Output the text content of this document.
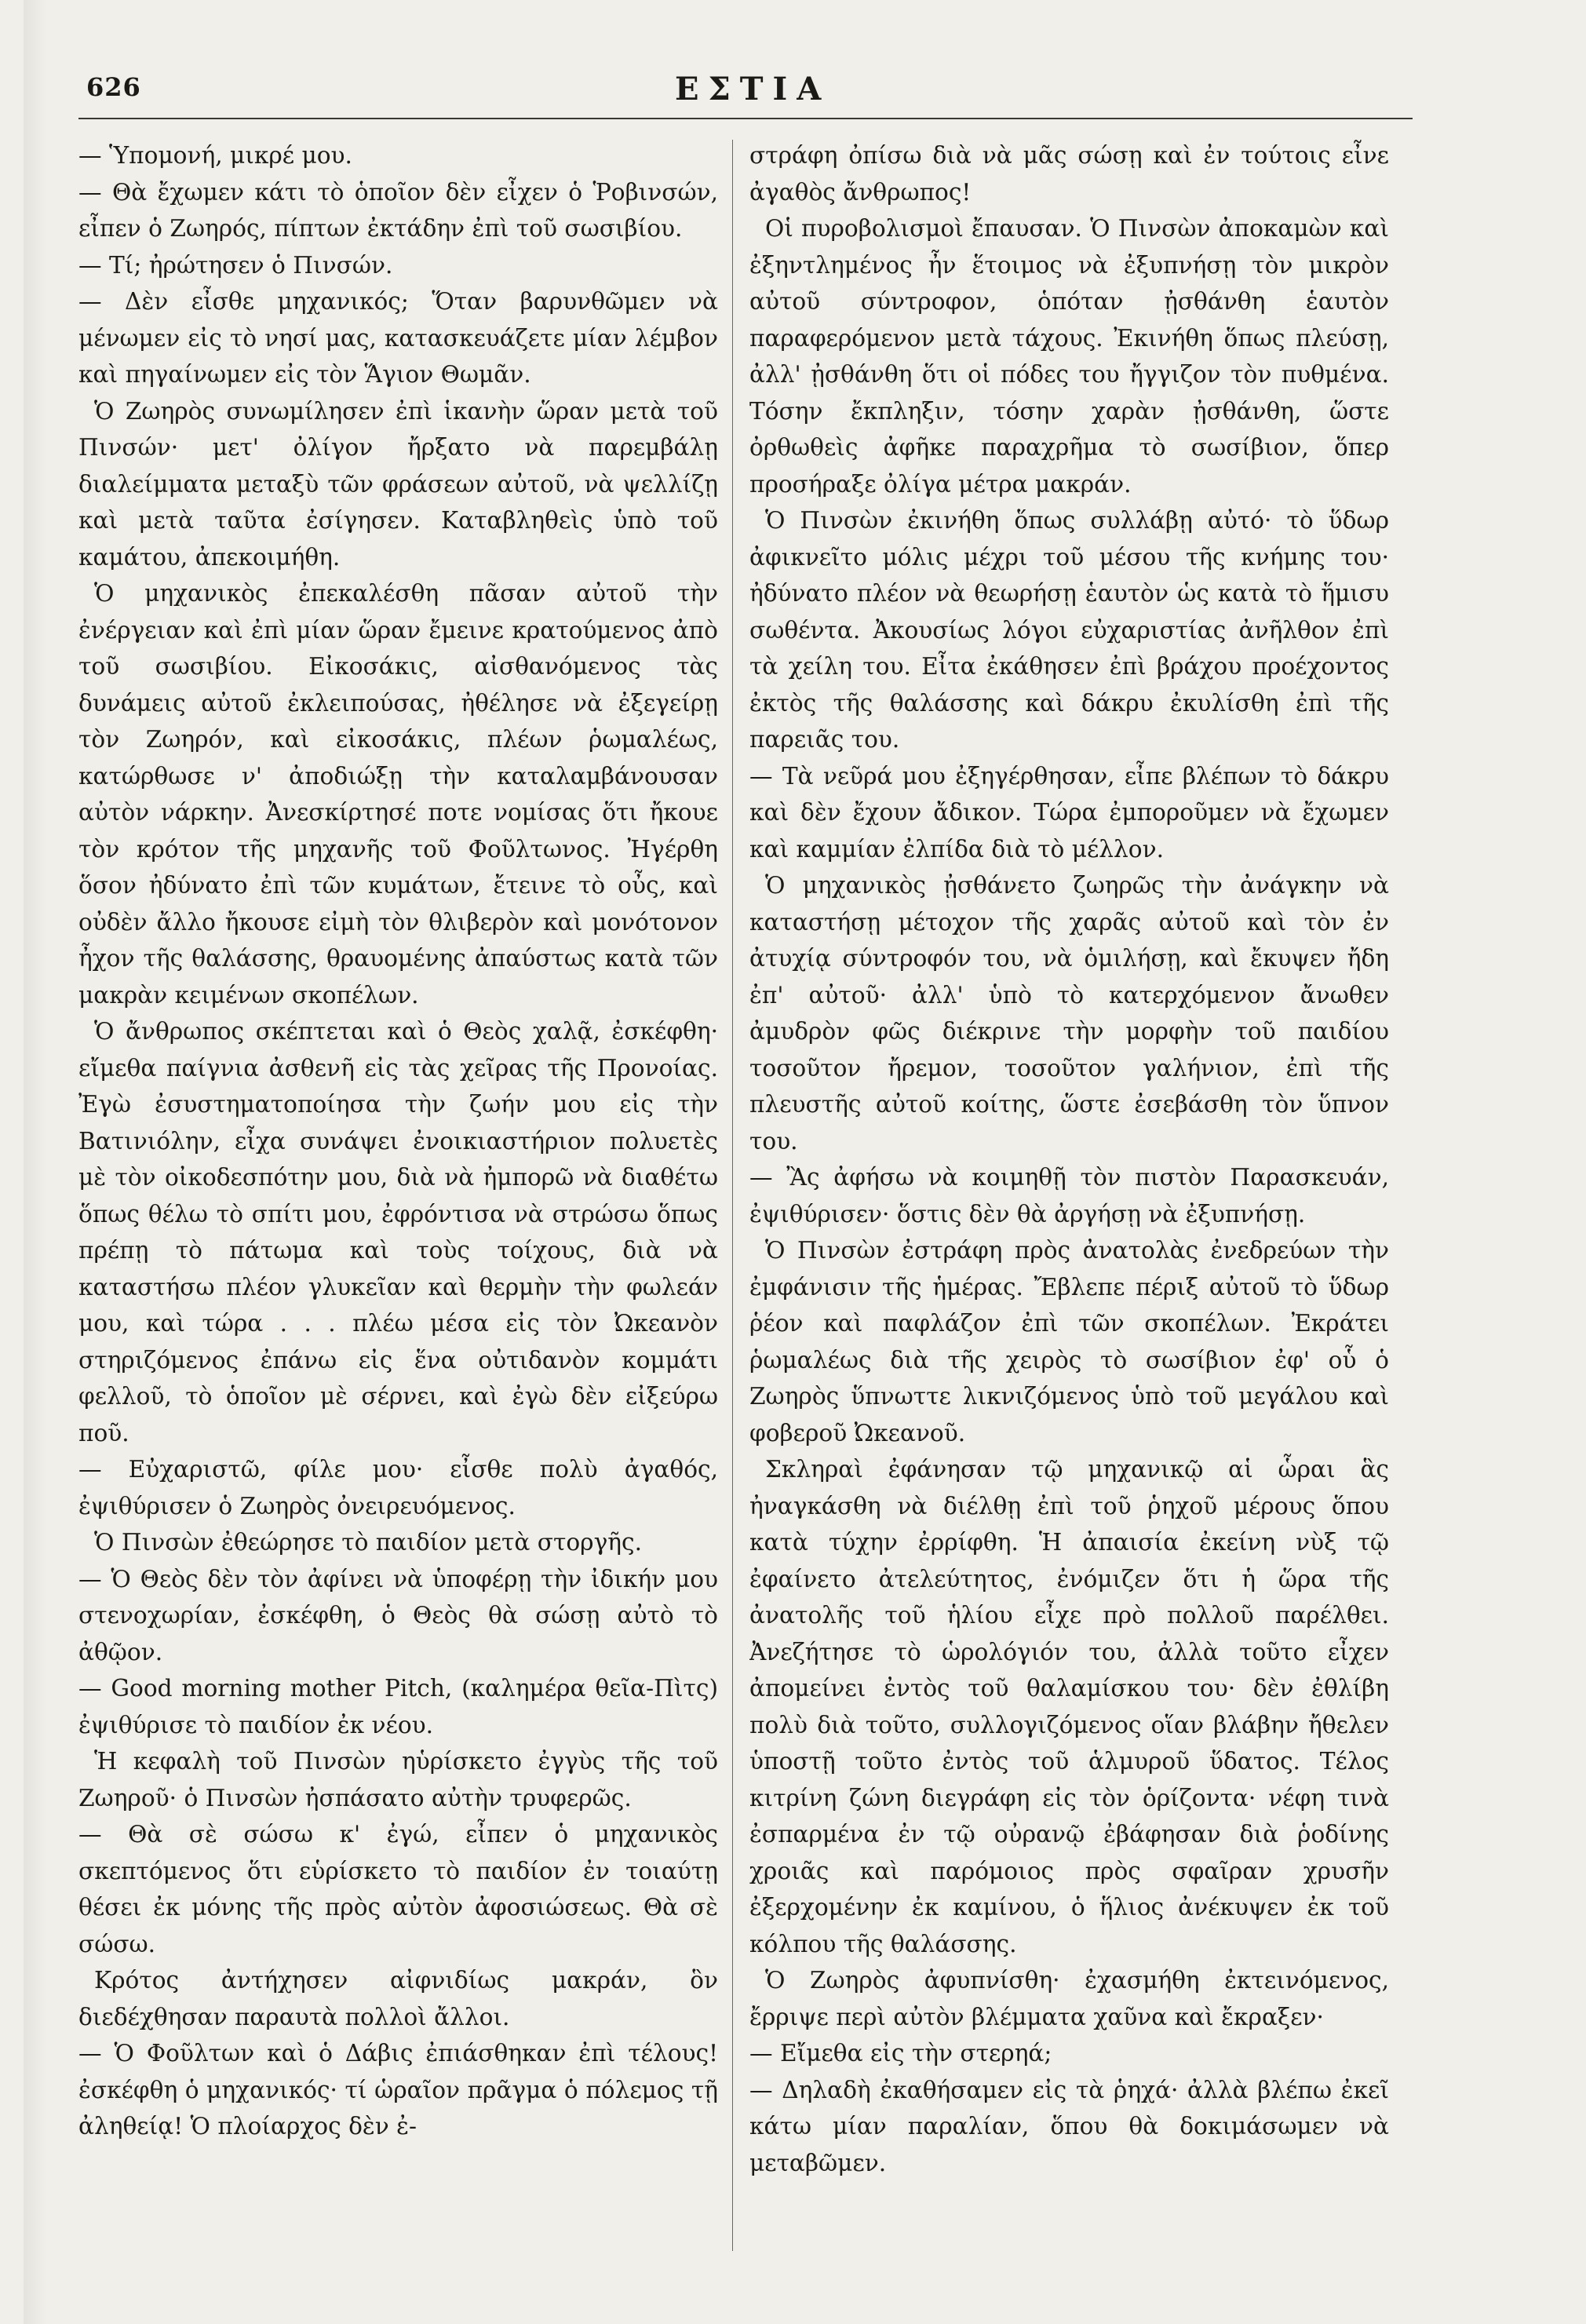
626	ΕΣΤΙΑ

— Ὑπομονή, μικρέ μου.

— Θὰ ἔχωμεν κάτι τὸ ὁποῖον δὲν εἶχεν ὁ Ῥοβινσών, εἶπεν ὁ Ζωηρός, πίπτων ἐκτάδην ἐπὶ τοῦ σωσιβίου.

— Τί; ἠρώτησεν ὁ Πινσών.

— Δὲν εἶσθε μηχανικός; Ὅταν βαρυνθῶμεν νὰ μένωμεν εἰς τὸ νησί μας, κατασκευάζετε μίαν λέμβον καὶ πηγαίνωμεν εἰς τὸν Ἅγιον Θωμᾶν.

Ὁ Ζωηρὸς συνωμίλησεν ἐπὶ ἱκανὴν ὥραν μετὰ τοῦ Πινσών· μετ' ὀλίγον ἤρξατο νὰ παρεμβάλῃ διαλείμματα μεταξὺ τῶν φράσεων αὐτοῦ, νὰ ψελλίζῃ καὶ μετὰ ταῦτα ἐσίγησεν. Καταβληθεὶς ὑπὸ τοῦ καμάτου, ἀπεκοιμήθη.

Ὁ μηχανικὸς ἐπεκαλέσθη πᾶσαν αὐτοῦ τὴν ἐνέργειαν καὶ ἐπὶ μίαν ὥραν ἔμεινε κρατούμενος ἀπὸ τοῦ σωσιβίου. Εἰκοσάκις, αἰσθανόμενος τὰς δυνάμεις αὐτοῦ ἐκλειπούσας, ἠθέλησε νὰ ἐξεγείρῃ τὸν Ζωηρόν, καὶ εἰκοσάκις, πλέων ῥωμαλέως, κατώρθωσε ν' ἀποδιώξῃ τὴν καταλαμβάνουσαν αὐτὸν νάρκην. Ἀνεσκίρτησέ ποτε νομίσας ὅτι ἤκουε τὸν κρότον τῆς μηχανῆς τοῦ Φοῦλτωνος. Ἠγέρθη ὅσον ἠδύνατο ἐπὶ τῶν κυμάτων, ἔτεινε τὸ οὖς, καὶ οὐδὲν ἄλλο ἤκουσε εἰμὴ τὸν θλιβερὸν καὶ μονότονον ἦχον τῆς θαλάσσης, θραυομένης ἀπαύστως κατὰ τῶν μακρὰν κειμένων σκοπέλων.

Ὁ ἄνθρωπος σκέπτεται καὶ ὁ Θεὸς χαλᾷ, ἐσκέφθη· εἴμεθα παίγνια ἀσθενῆ εἰς τὰς χεῖρας τῆς Προνοίας. Ἐγὼ ἐσυστηματοποίησα τὴν ζωήν μου εἰς τὴν Βατινιόλην, εἶχα συνάψει ἐνοικιαστήριον πολυετὲς μὲ τὸν οἰκοδεσπότην μου, διὰ νὰ ἠμπορῶ νὰ διαθέτω ὅπως θέλω τὸ σπίτι μου, ἐφρόντισα νὰ στρώσω ὅπως πρέπῃ τὸ πάτωμα καὶ τοὺς τοίχους, διὰ νὰ καταστήσω πλέον γλυκεῖαν καὶ θερμὴν τὴν φωλεάν μου, καὶ τώρα . . . πλέω μέσα εἰς τὸν Ὠκεανὸν στηριζόμενος ἐπάνω εἰς ἕνα οὐτιδανὸν κομμάτι φελλοῦ, τὸ ὁποῖον μὲ σέρνει, καὶ ἐγὼ δὲν εἰξεύρω ποῦ.

— Εὐχαριστῶ, φίλε μου· εἶσθε πολὺ ἀγαθός, ἐψιθύρισεν ὁ Ζωηρὸς ὀνειρευόμενος.

Ὁ Πινσὼν ἐθεώρησε τὸ παιδίον μετὰ στοργῆς.

— Ὁ Θεὸς δὲν τὸν ἀφίνει νὰ ὑποφέρῃ τὴν ἰδικήν μου στενοχωρίαν, ἐσκέφθη, ὁ Θεὸς θὰ σώσῃ αὐτὸ τὸ ἀθῷον.

— Good morning mother Pitch, (καλημέρα θεῖα-Πὶτς) ἐψιθύρισε τὸ παιδίον ἐκ νέου.

Ἡ κεφαλὴ τοῦ Πινσὼν ηὑρίσκετο ἐγγὺς τῆς τοῦ Ζωηροῦ· ὁ Πινσὼν ἠσπάσατο αὐτὴν τρυφερῶς.

— Θὰ σὲ σώσω κ' ἐγώ, εἶπεν ὁ μηχανικὸς σκεπτόμενος ὅτι εὑρίσκετο τὸ παιδίον ἐν τοιαύτῃ θέσει ἐκ μόνης τῆς πρὸς αὐτὸν ἀφοσιώσεως. Θὰ σὲ σώσω.

Κρότος ἀντήχησεν αἰφνιδίως μακράν, ὃν διεδέχθησαν παραυτὰ πολλοὶ ἄλλοι.

— Ὁ Φοῦλτων καὶ ὁ Δάβις ἐπιάσθηκαν ἐπὶ τέλους! ἐσκέφθη ὁ μηχανικός· τί ὡραῖον πρᾶγμα ὁ πόλεμος τῇ ἀληθείᾳ! Ὁ πλοίαρχος δὲν ἐ-

στράφη ὀπίσω διὰ νὰ μᾶς σώσῃ καὶ ἐν τούτοις εἶνε ἀγαθὸς ἄνθρωπος!

Οἱ πυροβολισμοὶ ἔπαυσαν. Ὁ Πινσὼν ἀποκαμὼν καὶ ἐξηντλημένος ἦν ἕτοιμος νὰ ἐξυπνήσῃ τὸν μικρὸν αὐτοῦ σύντροφον, ὁπόταν ᾐσθάνθη ἑαυτὸν παραφερόμενον μετὰ τάχους. Ἐκινήθη ὅπως πλεύσῃ, ἀλλ' ᾐσθάνθη ὅτι οἱ πόδες του ἤγγιζον τὸν πυθμένα. Τόσην ἔκπληξιν, τόσην χαρὰν ᾐσθάνθη, ὥστε ὀρθωθεὶς ἀφῆκε παραχρῆμα τὸ σωσίβιον, ὅπερ προσήραξε ὀλίγα μέτρα μακράν.

Ὁ Πινσὼν ἐκινήθη ὅπως συλλάβῃ αὐτό· τὸ ὕδωρ ἀφικνεῖτο μόλις μέχρι τοῦ μέσου τῆς κνήμης του· ἠδύνατο πλέον νὰ θεωρήσῃ ἑαυτὸν ὡς κατὰ τὸ ἥμισυ σωθέντα. Ἀκουσίως λόγοι εὐχαριστίας ἀνῆλθον ἐπὶ τὰ χείλη του. Εἶτα ἐκάθησεν ἐπὶ βράχου προέχοντος ἐκτὸς τῆς θαλάσσης καὶ δάκρυ ἐκυλίσθη ἐπὶ τῆς παρειᾶς του.

— Τὰ νεῦρά μου ἐξηγέρθησαν, εἶπε βλέπων τὸ δάκρυ καὶ δὲν ἔχουν ἄδικον. Τώρα ἐμποροῦμεν νὰ ἔχωμεν καὶ καμμίαν ἐλπίδα διὰ τὸ μέλλον.

Ὁ μηχανικὸς ᾐσθάνετο ζωηρῶς τὴν ἀνάγκην νὰ καταστήσῃ μέτοχον τῆς χαρᾶς αὐτοῦ καὶ τὸν ἐν ἀτυχίᾳ σύντροφόν του, νὰ ὁμιλήσῃ, καὶ ἔκυψεν ἤδη ἐπ' αὐτοῦ· ἀλλ' ὑπὸ τὸ κατερχόμενον ἄνωθεν ἀμυδρὸν φῶς διέκρινε τὴν μορφὴν τοῦ παιδίου τοσοῦτον ἤρεμον, τοσοῦτον γαλήνιον, ἐπὶ τῆς πλευστῆς αὐτοῦ κοίτης, ὥστε ἐσεβάσθη τὸν ὕπνον του.

— Ἂς ἀφήσω νὰ κοιμηθῇ τὸν πιστὸν Παρασκευάν, ἐψιθύρισεν· ὅστις δὲν θὰ ἀργήσῃ νὰ ἐξυπνήσῃ.

Ὁ Πινσὼν ἐστράφη πρὸς ἀνατολὰς ἐνεδρεύων τὴν ἐμφάνισιν τῆς ἡμέρας. Ἔβλεπε πέριξ αὐτοῦ τὸ ὕδωρ ῥέον καὶ παφλάζον ἐπὶ τῶν σκοπέλων. Ἐκράτει ῥωμαλέως διὰ τῆς χειρὸς τὸ σωσίβιον ἐφ' οὗ ὁ Ζωηρὸς ὕπνωττε λικνιζόμενος ὑπὸ τοῦ μεγάλου καὶ φοβεροῦ Ὠκεανοῦ.

Σκληραὶ ἐφάνησαν τῷ μηχανικῷ αἱ ὧραι ἃς ἠναγκάσθη νὰ διέλθῃ ἐπὶ τοῦ ῥηχοῦ μέρους ὅπου κατὰ τύχην ἐρρίφθη. Ἡ ἀπαισία ἐκείνη νὺξ τῷ ἐφαίνετο ἀτελεύτητος, ἐνόμιζεν ὅτι ἡ ὥρα τῆς ἀνατολῆς τοῦ ἡλίου εἶχε πρὸ πολλοῦ παρέλθει. Ἀνεζήτησε τὸ ὡρολόγιόν του, ἀλλὰ τοῦτο εἶχεν ἀπομείνει ἐντὸς τοῦ θαλαμίσκου του· δὲν ἐθλίβη πολὺ διὰ τοῦτο, συλλογιζόμενος οἵαν βλάβην ἤθελεν ὑποστῇ τοῦτο ἐντὸς τοῦ ἁλμυροῦ ὕδατος. Τέλος κιτρίνη ζώνη διεγράφη εἰς τὸν ὁρίζοντα· νέφη τινὰ ἐσπαρμένα ἐν τῷ οὐρανῷ ἐβάφησαν διὰ ῥοδίνης χροιᾶς καὶ παρόμοιος πρὸς σφαῖραν χρυσῆν ἐξερχομένην ἐκ καμίνου, ὁ ἥλιος ἀνέκυψεν ἐκ τοῦ κόλπου τῆς θαλάσσης.

Ὁ Ζωηρὸς ἀφυπνίσθη· ἐχασμήθη ἐκτεινόμενος, ἔρριψε περὶ αὐτὸν βλέμματα χαῦνα καὶ ἔκραξεν·

— Εἴμεθα εἰς τὴν στερηά;

— Δηλαδὴ ἐκαθήσαμεν εἰς τὰ ῥηχά· ἀλλὰ βλέπω ἐκεῖ κάτω μίαν παραλίαν, ὅπου θὰ δοκιμάσωμεν νὰ μεταβῶμεν.
